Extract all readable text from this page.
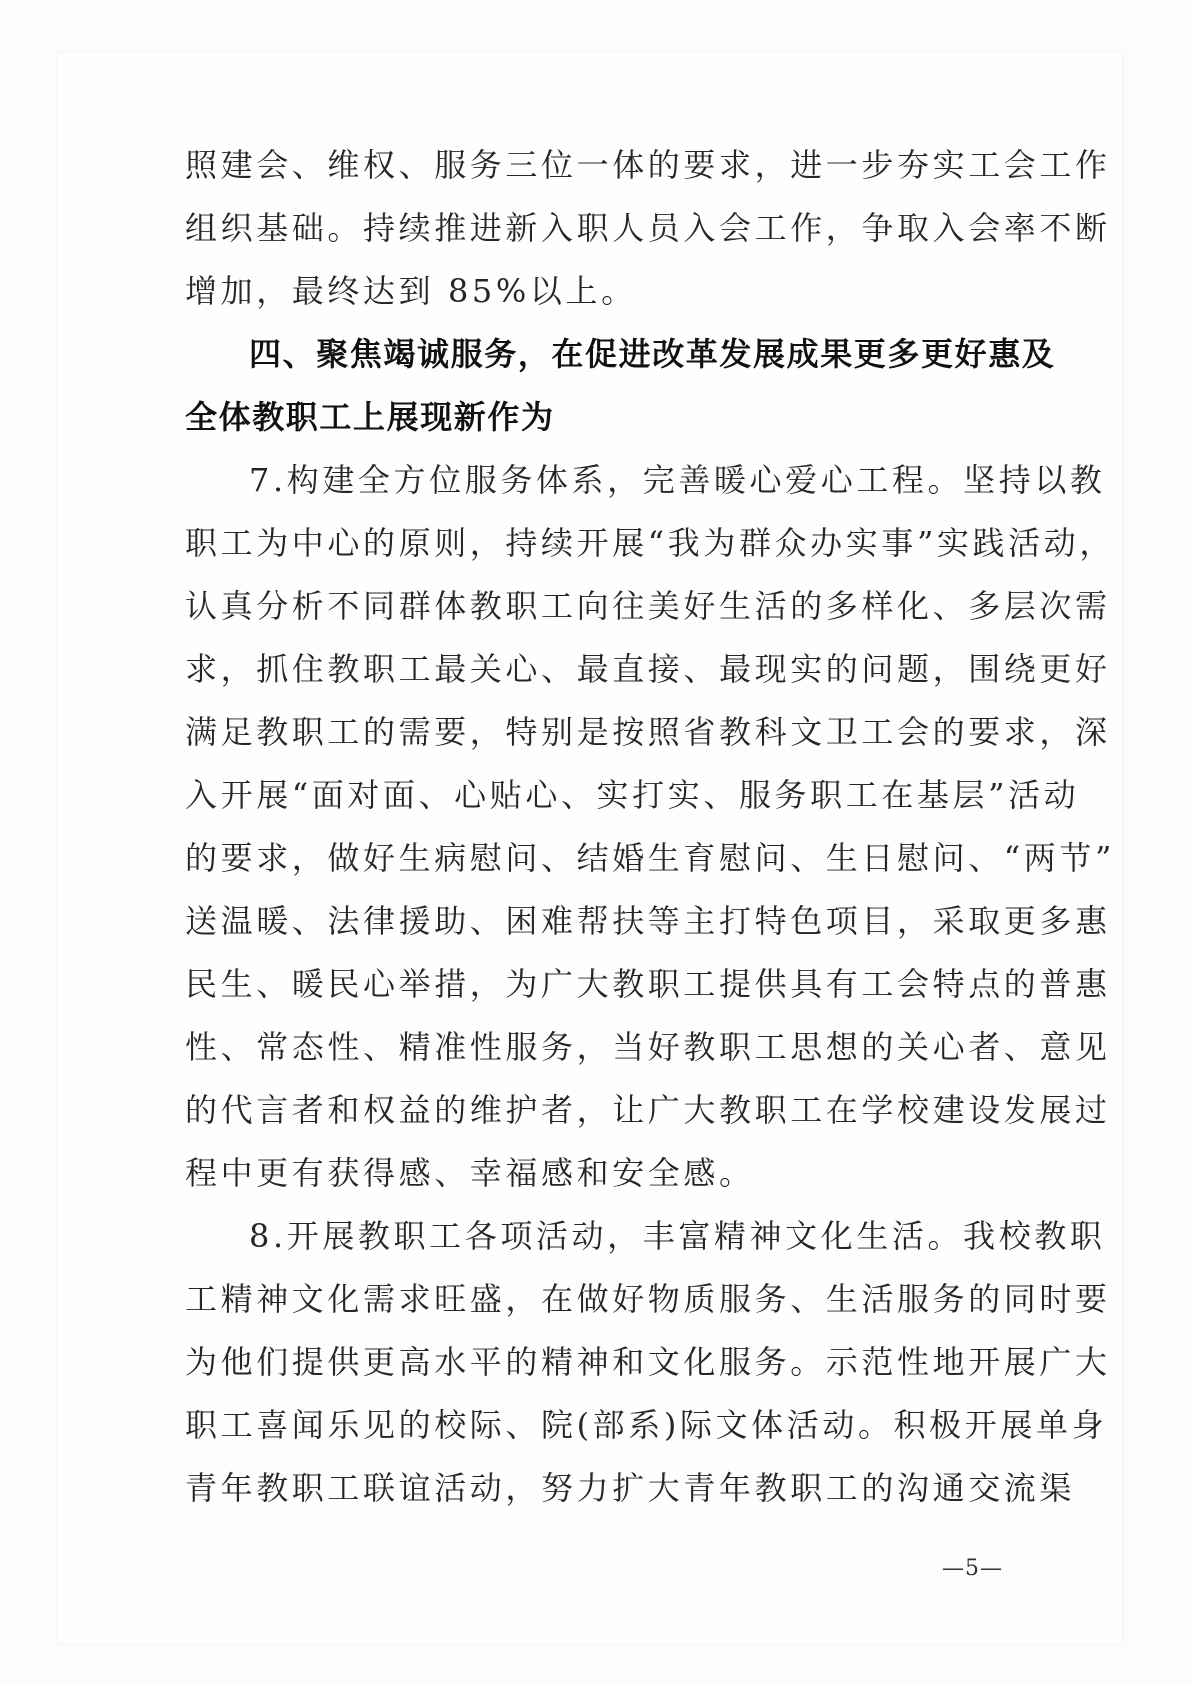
照建会、维权、服务三位一体的要求，进一步夯实工会工作
组织基础。持续推进新入职人员入会工作，争取入会率不断
增加，最终达到 85%以上。
四、聚焦竭诚服务，在促进改革发展成果更多更好惠及
全体教职工上展现新作为
7.构建全方位服务体系，完善暖心爱心工程。坚持以教
职工为中心的原则，持续开展“我为群众办实事”实践活动，
认真分析不同群体教职工向往美好生活的多样化、多层次需
求，抓住教职工最关心、最直接、最现实的问题，围绕更好
满足教职工的需要，特别是按照省教科文卫工会的要求，深
入开展“面对面、心贴心、实打实、服务职工在基层”活动
的要求，做好生病慰问、结婚生育慰问、生日慰问、“两节”
送温暖、法律援助、困难帮扶等主打特色项目，采取更多惠
民生、暖民心举措，为广大教职工提供具有工会特点的普惠
性、常态性、精准性服务，当好教职工思想的关心者、意见
的代言者和权益的维护者，让广大教职工在学校建设发展过
程中更有获得感、幸福感和安全感。
8.开展教职工各项活动，丰富精神文化生活。我校教职
工精神文化需求旺盛，在做好物质服务、生活服务的同时要
为他们提供更高水平的精神和文化服务。示范性地开展广大
职工喜闻乐见的校际、院(部系)际文体活动。积极开展单身
青年教职工联谊活动，努力扩大青年教职工的沟通交流渠
—5—
